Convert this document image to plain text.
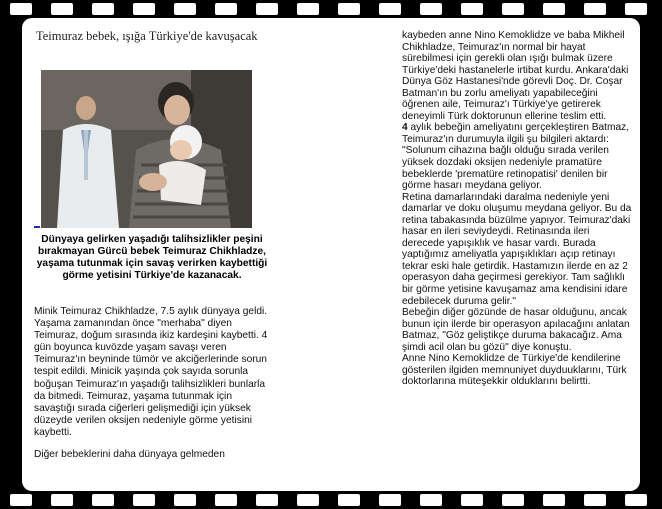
Teimuraz bebek, ışığa Türkiye'de kavuşacak
Dünyaya gelirken yaşadığı talihsizlikler peşini bırakmayan Gürcü bebek Teimuraz Chikhladze, yaşama tutunmak için savaş verirken kaybettiği görme yetisini Türkiye'de kazanacak.

Minik Teimuraz Chikhladze, 7.5 aylık dünyaya geldi. Yaşama zamanından önce "merhaba" diyen Teimuraz, doğum sırasında ikiz kardeşini kaybetti. 4 gün boyunca kuvözde yaşam savaşı veren Teimuraz'ın beyninde tümör ve akciğerlerinde sorun tespit edildi. Minicik yaşında çok sayıda sorunla boğuşan Teimuraz'ın yaşadığı talihsizlikleri bunlarla da bitmedi. Teimuraz, yaşama tutunmak için savaştığı sırada ciğerleri gelişmediği için yüksek düzeyde verilen oksijen nedeniyle görme yetisini kaybetti.

Diğer bebeklerini daha dünyaya gelmeden

kaybeden anne Nino Kemoklidze ve baba Mikheil Chikhladze, Teimuraz'ın normal bir hayat sürebilmesi için gerekli olan ışığı bulmak üzere Türkiye'deki hastanelerle irtibat kurdu. Ankara'daki Dünya Göz Hastanesi'nde görevli Doç. Dr. Coşar Batman'ın bu zorlu ameliyatı yapabileceğini öğrenen aile, Teimuraz'ı Türkiye'ye getirerek deneyimli Türk doktorunun ellerine teslim etti.

4 aylık bebeğin ameliyatını gerçekleştiren Batmaz, Teimuraz'ın durumuyla ilgili şu bilgileri aktardı:

"Solunum cihazına bağlı olduğu sırada verilen yüksek dozdaki oksijen nedeniyle pramatüre bebeklerde 'prematüre retinopatisi' denilen bir görme hasarı meydana geliyor.

Retina damarlarındaki daralma nedeniyle yeni damarlar ve doku oluşumu meydana geliyor. Bu da retina tabakasında büzülme yapıyor. Teimuraz'daki hasar en ileri seviydeydi. Retinasında ileri derecede yapışıklık ve hasar vardı. Burada yaptığımız ameliyatla yapışıklıkları açıp retinayı tekrar eski hale getirdik. Hastamızın ilerde en az 2 operasyon daha geçirmesi gerekiyor. Tam sağlıklı bir görme yetisine kavuşamaz ama kendisini idare edebilecek duruma gelir."

Bebeğin diğer gözünde de hasar olduğunu, ancak bunun için ilerde bir operasyon apılacağını anlatan Batmaz, "Göz geliştikçe duruma bakacağız. Ama şimdi acil olan bu gözü" diye konuştu.

Anne Nino Kemoklidze de Türkiye'de kendilerine gösterilen ilgiden memnuniyet duyduuklarını, Türk doktorlarına müteşekkir olduklarını belirtti.
